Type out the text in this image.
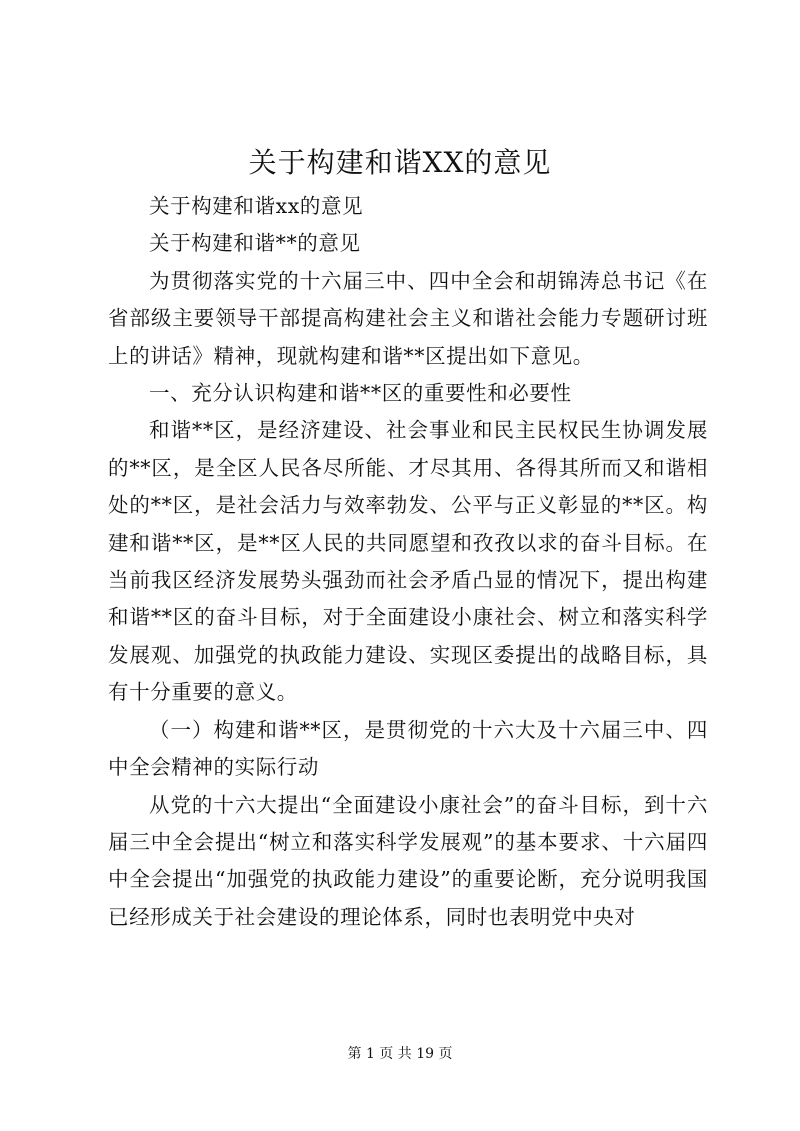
关于构建和谐XX的意见

关于构建和谐xx的意见

关于构建和谐**的意见

为贯彻落实党的十六届三中、四中全会和胡锦涛总书记《在省部级主要领导干部提高构建社会主义和谐社会能力专题研讨班上的讲话》精神，现就构建和谐**区提出如下意见。

一、充分认识构建和谐**区的重要性和必要性

和谐**区，是经济建设、社会事业和民主民权民生协调发展的**区，是全区人民各尽所能、才尽其用、各得其所而又和谐相处的**区，是社会活力与效率勃发、公平与正义彰显的**区。构建和谐**区，是**区人民的共同愿望和孜孜以求的奋斗目标。在当前我区经济发展势头强劲而社会矛盾凸显的情况下，提出构建和谐**区的奋斗目标，对于全面建设小康社会、树立和落实科学发展观、加强党的执政能力建设、实现区委提出的战略目标，具有十分重要的意义。

（一）构建和谐**区，是贯彻党的十六大及十六届三中、四中全会精神的实际行动

从党的十六大提出“全面建设小康社会”的奋斗目标，到十六届三中全会提出“树立和落实科学发展观”的基本要求、十六届四中全会提出“加强党的执政能力建设”的重要论断，充分说明我国已经形成关于社会建设的理论体系，同时也表明党中央对

第 1 页 共 19 页
